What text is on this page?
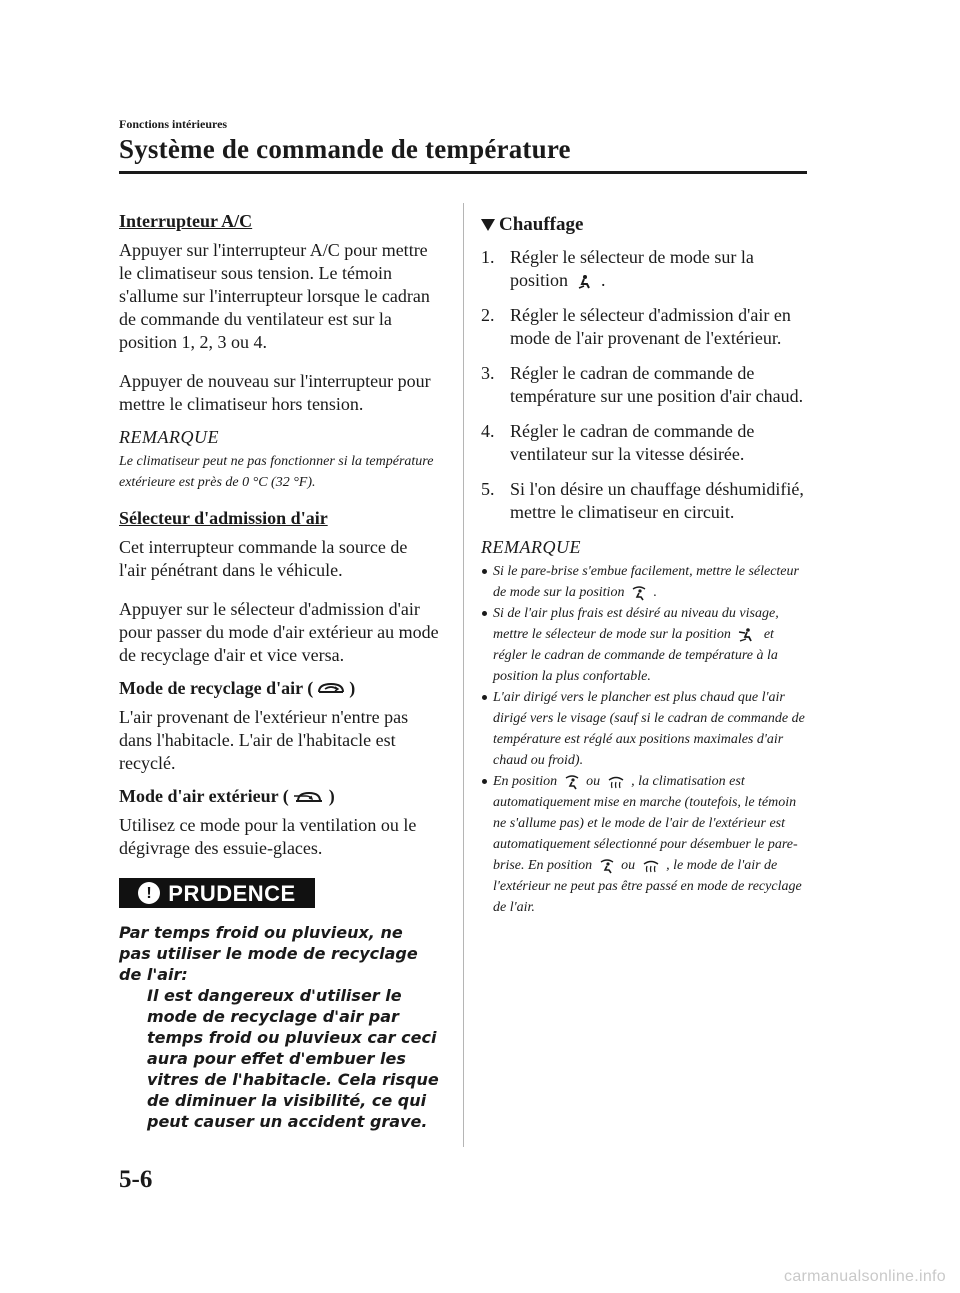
Fonctions intérieures
Système de commande de température
Interrupteur A/C

Appuyer sur l'interrupteur A/C pour mettre le climatiseur sous tension. Le témoin s'allume sur l'interrupteur lorsque le cadran de commande du ventilateur est sur la position 1, 2, 3 ou 4.

Appuyer de nouveau sur l'interrupteur pour mettre le climatiseur hors tension.

REMARQUE

Le climatiseur peut ne pas fonctionner si la température extérieure est près de 0 °C (32 °F).

Sélecteur d'admission d'air

Cet interrupteur commande la source de l'air pénétrant dans le véhicule.

Appuyer sur le sélecteur d'admission d'air pour passer du mode d'air extérieur au mode de recyclage d'air et vice versa.

Mode de recyclage d'air ( )

L'air provenant de l'extérieur n'entre pas dans l'habitacle. L'air de l'habitacle est recyclé.

Mode d'air extérieur ( )

Utilisez ce mode pour la ventilation ou le dégivrage des essuie-glaces.

! PRUDENCE
Par temps froid ou pluvieux, ne pas utiliser le mode de recyclage de l'air:
Il est dangereux d'utiliser le mode de recyclage d'air par temps froid ou pluvieux car ceci aura pour effet d'embuer les vitres de l'habitacle. Cela risque de diminuer la visibilité, ce qui peut causer un accident grave.
Chauffage
1. Régler le sélecteur de mode sur la position .
2. Régler le sélecteur d'admission d'air en mode de l'air provenant de l'extérieur.
3. Régler le cadran de commande de température sur une position d'air chaud.
4. Régler le cadran de commande de ventilateur sur la vitesse désirée.
5. Si l'on désire un chauffage déshumidifié, mettre le climatiseur en circuit.
REMARQUE
Si le pare-brise s'embue facilement, mettre le sélecteur de mode sur la position .
Si de l'air plus frais est désiré au niveau du visage, mettre le sélecteur de mode sur la position et régler le cadran de commande de température à la position la plus confortable.
L'air dirigé vers le plancher est plus chaud que l'air dirigé vers le visage (sauf si le cadran de commande de température est réglé aux positions maximales d'air chaud ou froid).
En position ou , la climatisation est automatiquement mise en marche (toutefois, le témoin ne s'allume pas) et le mode de l'air de l'extérieur est automatiquement sélectionné pour désembuer le pare-brise. En position ou , le mode de l'air de l'extérieur ne peut pas être passé en mode de recyclage de l'air.
5-6
carmanualsonline.info
